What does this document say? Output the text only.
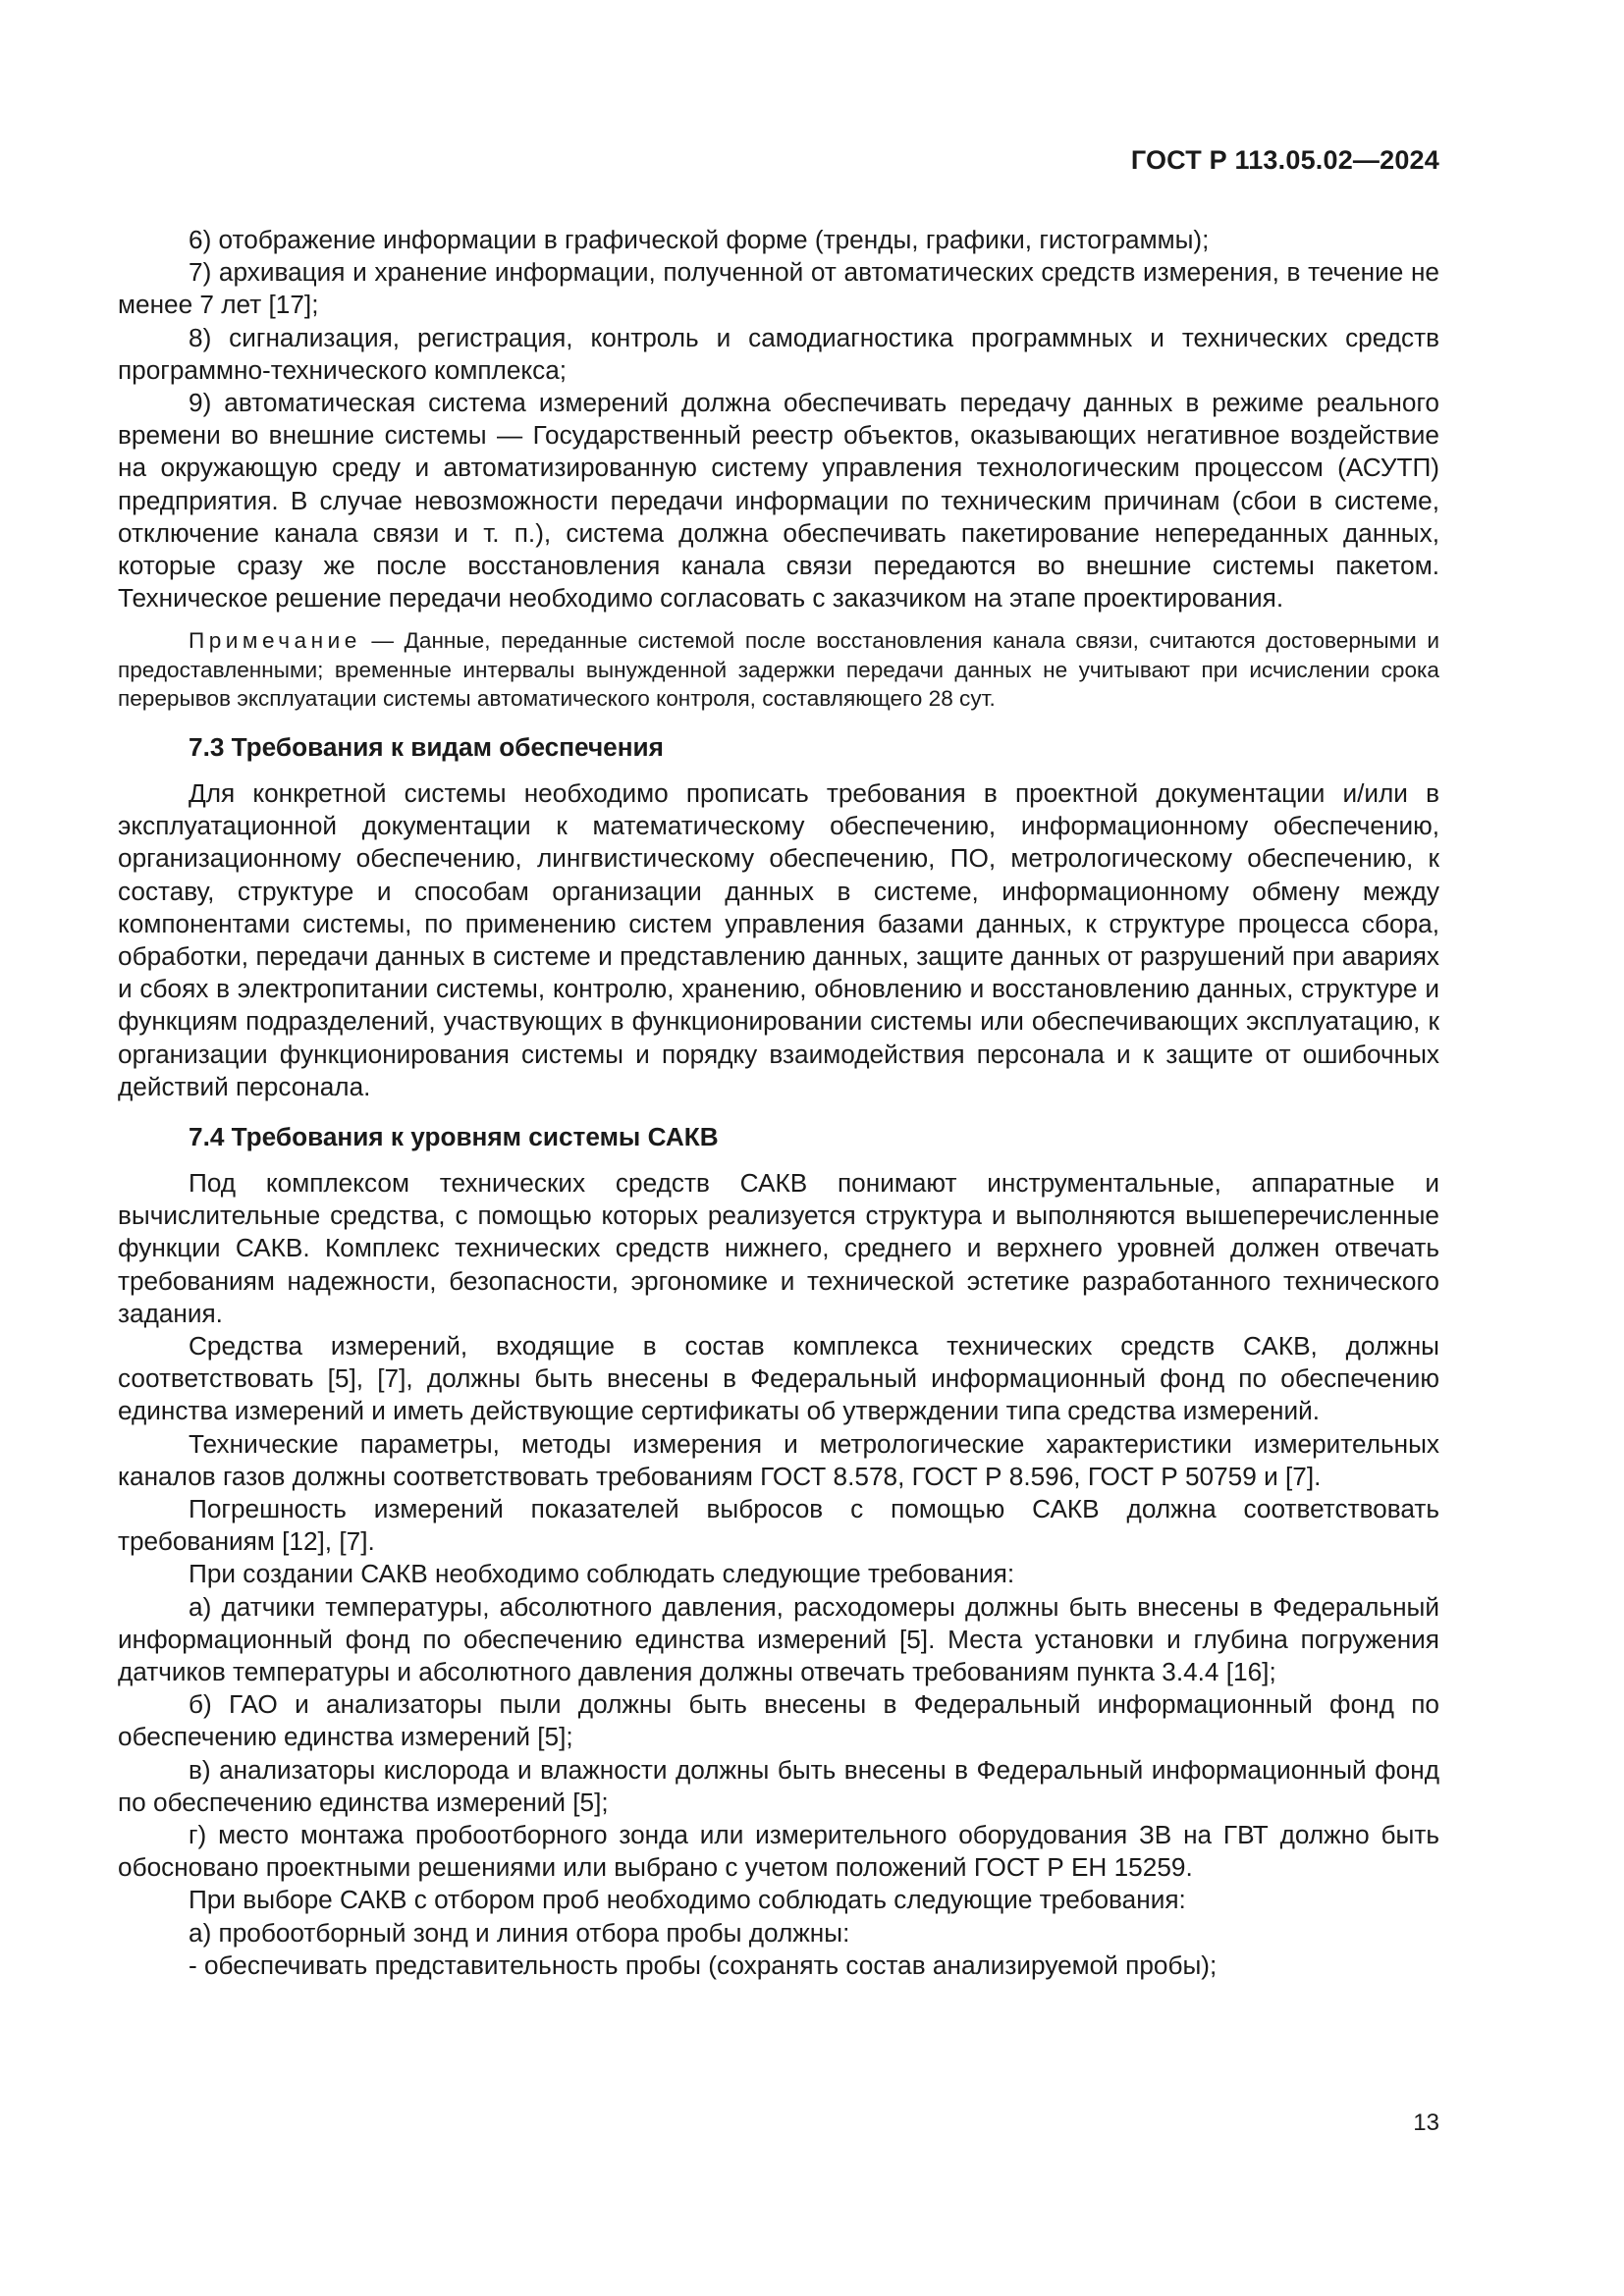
ГОСТ Р 113.05.02—2024

6) отображение информации в графической форме (тренды, графики, гистограммы);

7) архивация и хранение информации, полученной от автоматических средств измерения, в течение не менее 7 лет [17];

8) сигнализация, регистрация, контроль и самодиагностика программных и технических средств программно-технического комплекса;

9) автоматическая система измерений должна обеспечивать передачу данных в режиме реального времени во внешние системы — Государственный реестр объектов, оказывающих негативное воздействие на окружающую среду и автоматизированную систему управления технологическим процессом (АСУТП) предприятия. В случае невозможности передачи информации по техническим причинам (сбои в системе, отключение канала связи и т. п.), система должна обеспечивать пакетирование непереданных данных, которые сразу же после восстановления канала связи передаются во внешние системы пакетом. Техническое решение передачи необходимо согласовать с заказчиком на этапе проектирования.

Примечание — Данные, переданные системой после восстановления канала связи, считаются достоверными и предоставленными; временные интервалы вынужденной задержки передачи данных не учитывают при исчислении срока перерывов эксплуатации системы автоматического контроля, составляющего 28 сут.

7.3 Требования к видам обеспечения

Для конкретной системы необходимо прописать требования в проектной документации и/или в эксплуатационной документации к математическому обеспечению, информационному обеспечению, организационному обеспечению, лингвистическому обеспечению, ПО, метрологическому обеспечению, к составу, структуре и способам организации данных в системе, информационному обмену между компонентами системы, по применению систем управления базами данных, к структуре процесса сбора, обработки, передачи данных в системе и представлению данных, защите данных от разрушений при авариях и сбоях в электропитании системы, контролю, хранению, обновлению и восстановлению данных, структуре и функциям подразделений, участвующих в функционировании системы или обеспечивающих эксплуатацию, к организации функционирования системы и порядку взаимодействия персонала и к защите от ошибочных действий персонала.

7.4 Требования к уровням системы САКВ

Под комплексом технических средств САКВ понимают инструментальные, аппаратные и вычислительные средства, с помощью которых реализуется структура и выполняются вышеперечисленные функции САКВ. Комплекс технических средств нижнего, среднего и верхнего уровней должен отвечать требованиям надежности, безопасности, эргономике и технической эстетике разработанного технического задания.

Средства измерений, входящие в состав комплекса технических средств САКВ, должны соответствовать [5], [7], должны быть внесены в Федеральный информационный фонд по обеспечению единства измерений и иметь действующие сертификаты об утверждении типа средства измерений.

Технические параметры, методы измерения и метрологические характеристики измерительных каналов газов должны соответствовать требованиям ГОСТ 8.578, ГОСТ Р 8.596, ГОСТ Р 50759 и [7].

Погрешность измерений показателей выбросов с помощью САКВ должна соответствовать требованиям [12], [7].

При создании САКВ необходимо соблюдать следующие требования:

а) датчики температуры, абсолютного давления, расходомеры должны быть внесены в Федеральный информационный фонд по обеспечению единства измерений [5]. Места установки и глубина погружения датчиков температуры и абсолютного давления должны отвечать требованиям пункта 3.4.4 [16];

б) ГАО и анализаторы пыли должны быть внесены в Федеральный информационный фонд по обеспечению единства измерений [5];

в) анализаторы кислорода и влажности должны быть внесены в Федеральный информационный фонд по обеспечению единства измерений [5];

г) место монтажа пробоотборного зонда или измерительного оборудования ЗВ на ГВТ должно быть обосновано проектными решениями или выбрано с учетом положений ГОСТ Р ЕН 15259.

При выборе САКВ с отбором проб необходимо соблюдать следующие требования:

а) пробоотборный зонд и линия отбора пробы должны:

- обеспечивать представительность пробы (сохранять состав анализируемой пробы);

13
